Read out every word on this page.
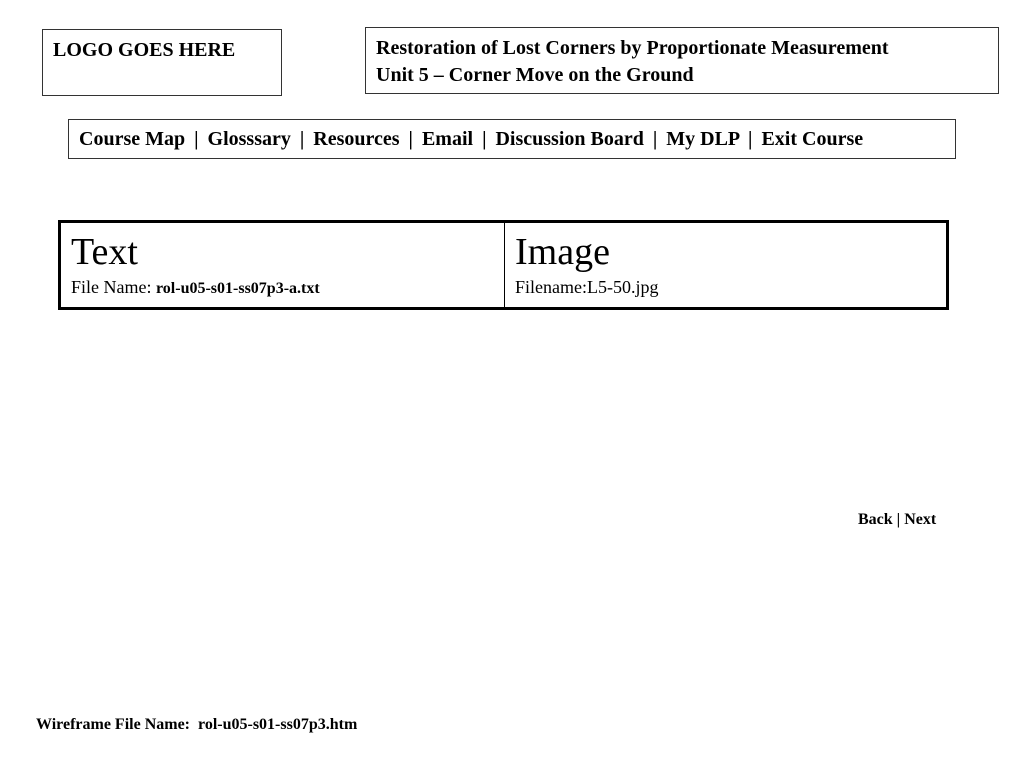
LOGO GOES HERE	Restoration of Lost Corners by Proportionate Measurement
Unit 5 – Corner Move on the Ground
Course Map | Glosssary | Resources | Email | Discussion Board | My DLP | Exit Course
Text
File Name: rol-u05-s01-ss07p3-a.txt
Image
Filename:L5-50.jpg
Back | Next
Wireframe File Name:  rol-u05-s01-ss07p3.htm
